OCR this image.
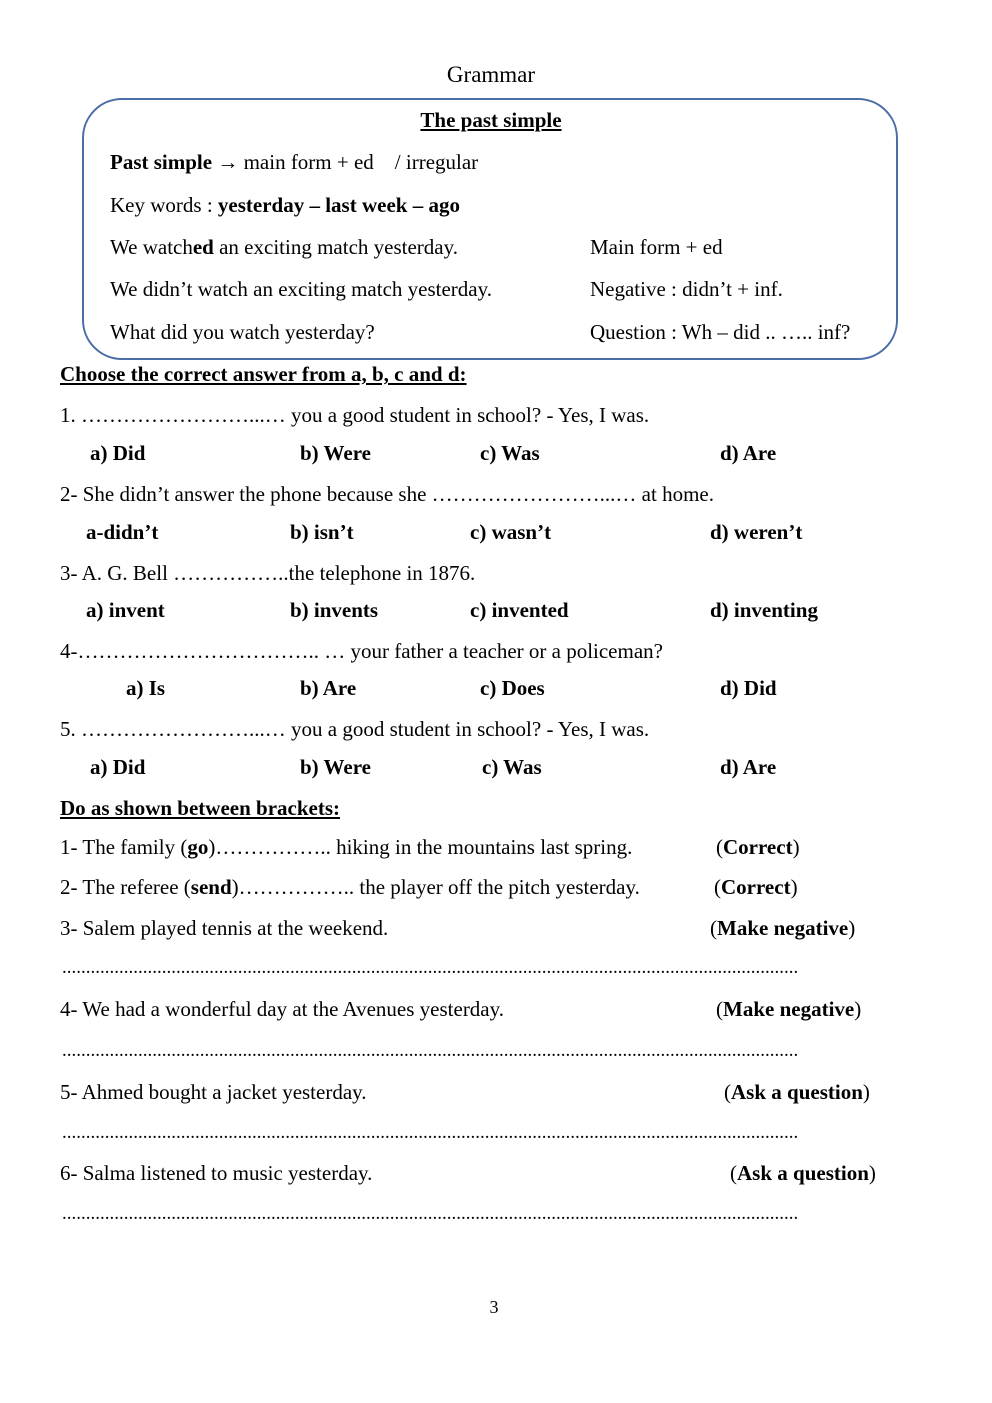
Grammar
The past simple
Past simple → main form + ed    / irregular
Key words : yesterday – last week – ago
We watched an exciting match yesterday.	Main form + ed
We didn’t watch an exciting match yesterday.	Negative : didn’t + inf.
What did you watch yesterday?	Question : Wh – did .. ….. inf?
Choose the correct answer from a, b, c and d:
1. ……………………...… you a good student in school? - Yes, I was.
a) Did	b) Were	c) Was	d) Are
2- She didn’t answer the phone because she ……………………...… at home.
a-didn’t	b) isn’t	c) wasn’t	d) weren’t
3- A. G. Bell ……………..the telephone in 1876.
a) invent	b) invents	c) invented	d) inventing
4-…………………………….. … your father a teacher or a policeman?
a) Is	b) Are	c) Does	d) Did
5. ……………………...… you a good student in school? - Yes, I was.
a) Did	b) Were	c) Was	d) Are
Do as shown between brackets:
1- The family (go)…………….. hiking in the mountains last spring.	(Correct)
2- The referee (send)…………….. the player off the pitch yesterday.	(Correct)
3- Salem played tennis at the weekend.	(Make negative)
...........................................................................................................................................................
4- We had a wonderful day at the Avenues yesterday.	(Make negative)
...........................................................................................................................................................
5- Ahmed bought a jacket yesterday.	(Ask a question)
...........................................................................................................................................................
6- Salma listened to music yesterday.	(Ask a question)
...........................................................................................................................................................
3
